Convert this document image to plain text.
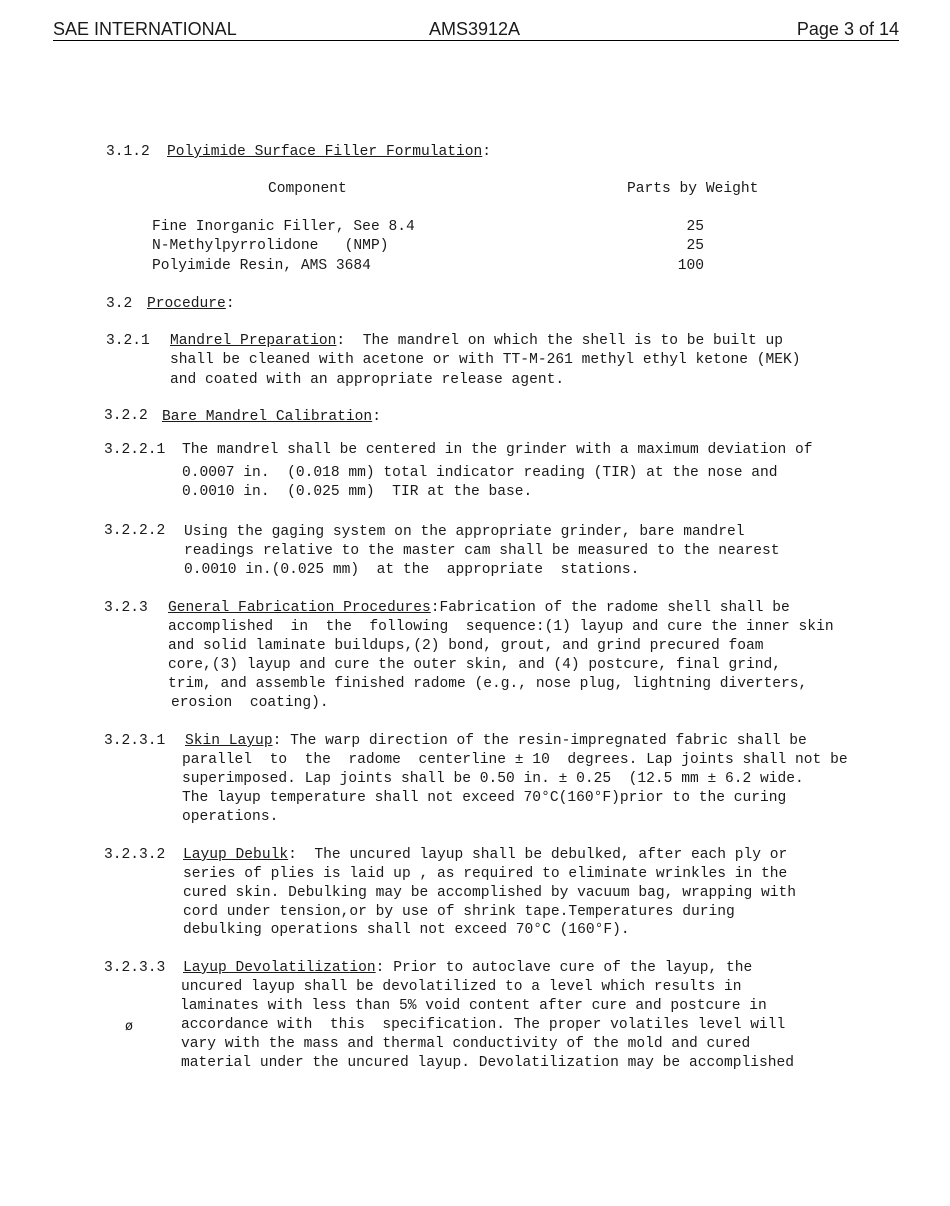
SAE INTERNATIONAL	AMS3912A	Page 3 of 14
3.1.2 Polyimide Surface Filler Formulation:
Component	Parts by Weight
Fine Inorganic Filler, See 8.4	25
N-Methylpyrrolidone   (NMP)	25
Polyimide Resin, AMS 3684	100
3.2 Procedure:
3.2.1 Mandrel Preparation: The mandrel on which the shell is to be built up
shall be cleaned with acetone or with TT-M-261 methyl ethyl ketone (MEK)
and coated with an appropriate release agent.
3.2.2 Bare Mandrel Calibration:
3.2.2.1 The mandrel shall be centered in the grinder with a maximum deviation of
0.0007 in.  (0.018 mm) total indicator reading (TIR) at the nose and
0.0010 in.  (0.025 mm)  TIR at the base.
3.2.2.2 Using the gaging system on the appropriate grinder, bare mandrel
readings relative to the master cam shall be measured to the nearest
0.0010 in.(0.025 mm)  at the  appropriate  stations.
3.2.3 General Fabrication Procedures:Fabrication of the radome shell shall be
accomplished  in  the  following  sequence:(1) layup and cure the inner skin
and solid laminate buildups,(2) bond, grout, and grind precured foam
core,(3) layup and cure the outer skin, and (4) postcure, final grind,
trim, and assemble finished radome (e.g., nose plug, lightning diverters,
erosion  coating).
3.2.3.1 Skin Layup: The warp direction of the resin-impregnated fabric shall be
parallel  to  the  radome  centerline ± 10  degrees. Lap joints shall not be
superimposed. Lap joints shall be 0.50 in. ± 0.25  (12.5 mm ± 6.2 wide.
The layup temperature shall not exceed 70°C(160°F)prior to the curing
operations.
3.2.3.2 Layup Debulk: The uncured layup shall be debulked, after each ply or
series of plies is laid up , as required to eliminate wrinkles in the
cured skin. Debulking may be accomplished by vacuum bag, wrapping with
cord under tension,or by use of shrink tape.Temperatures during
debulking operations shall not exceed 70°C (160°F).
3.2.3.3 Layup Devolatilization: Prior to autoclave cure of the layup, the
uncured layup shall be devolatilized to a level which results in
laminates with less than 5% void content after cure and postcure in
ø	accordance with  this  specification. The proper volatiles level will
vary with the mass and thermal conductivity of the mold and cured
material under the uncured layup. Devolatilization may be accomplished
